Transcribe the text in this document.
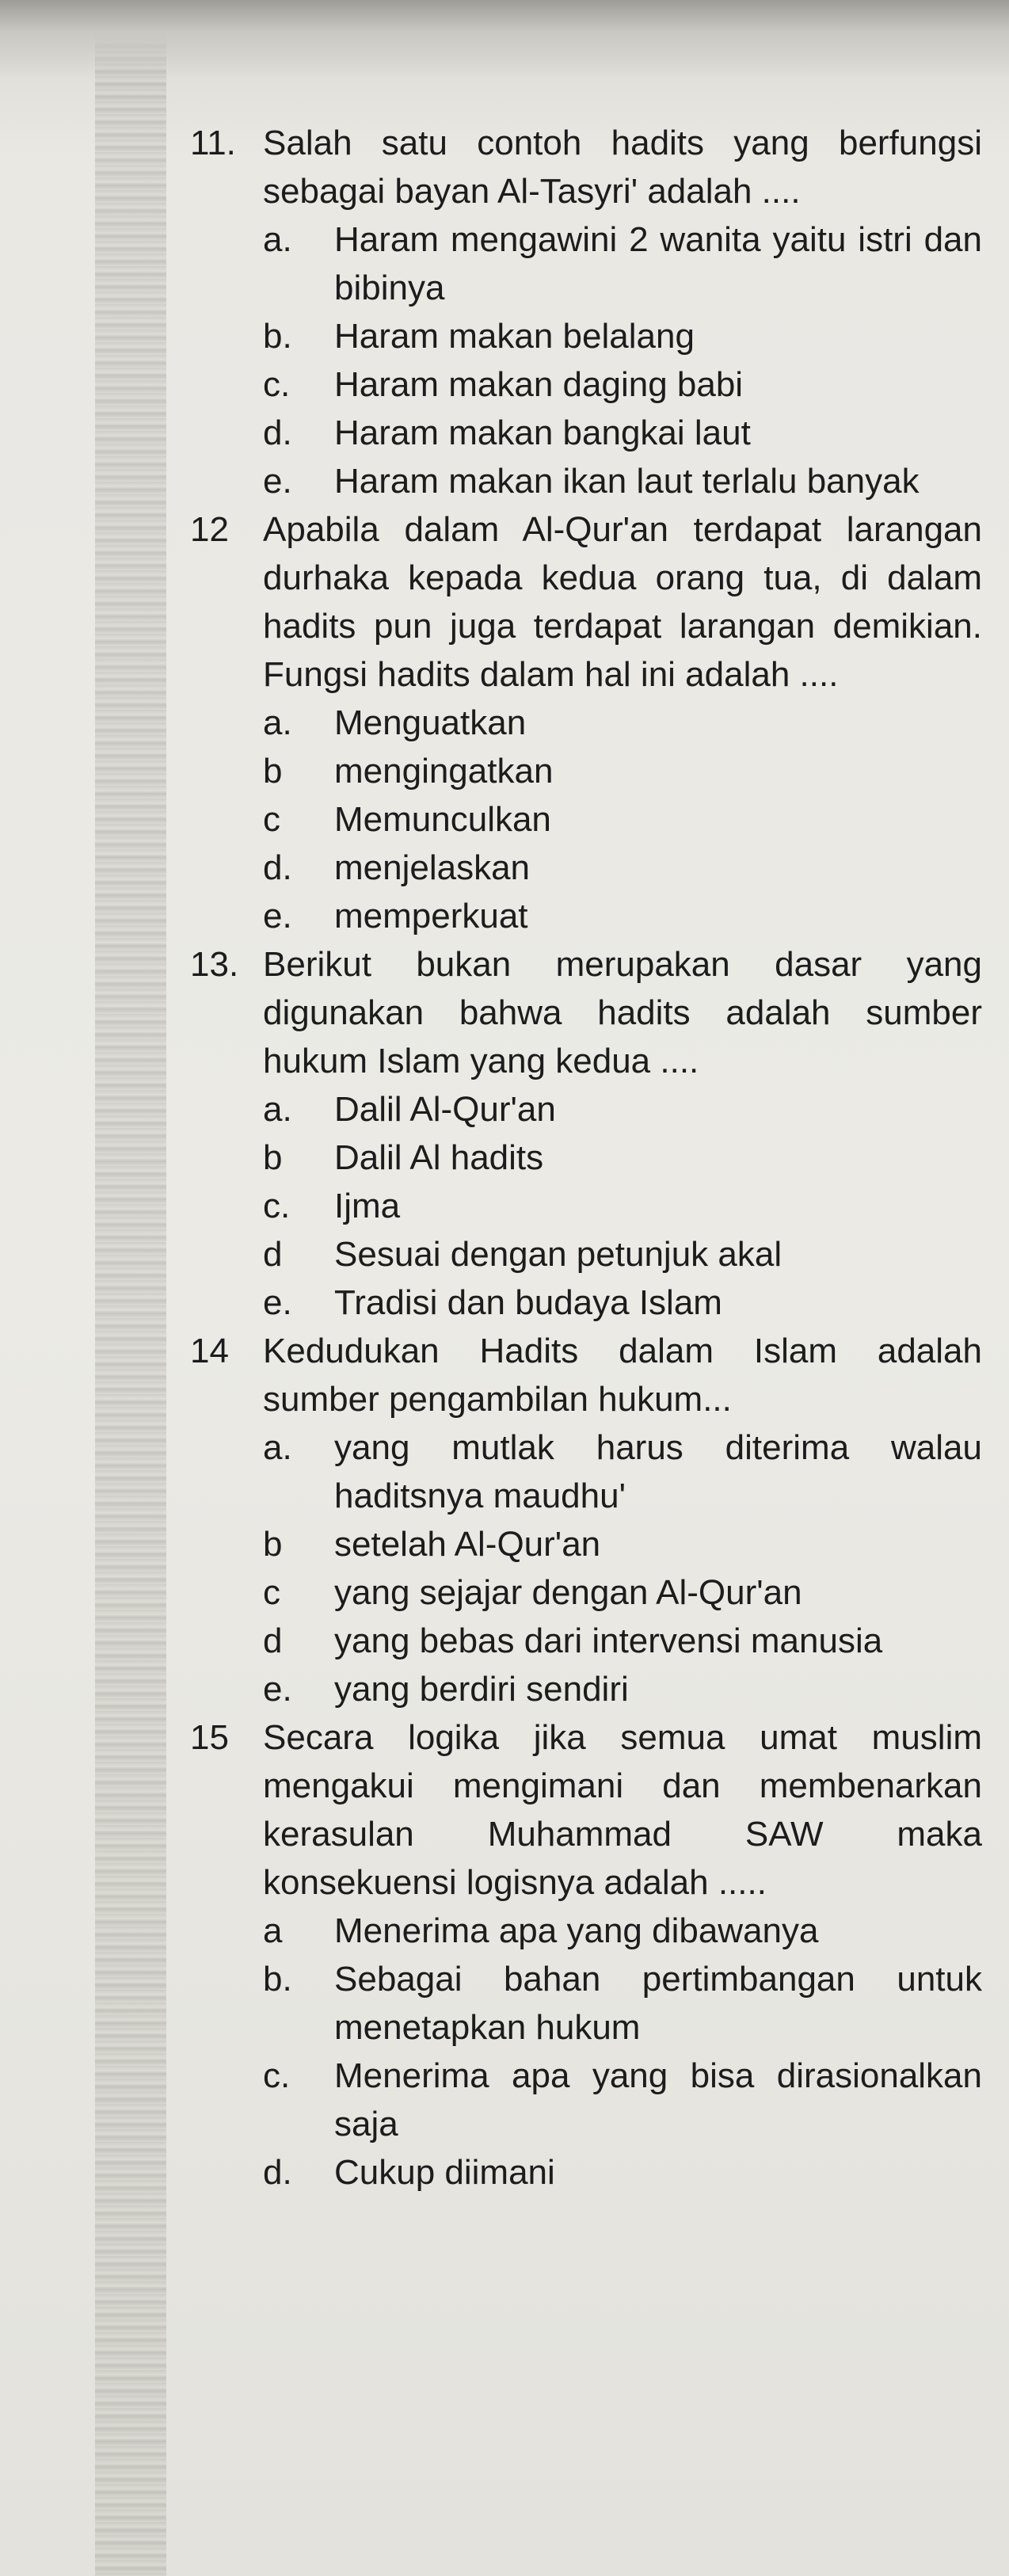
11. Salah satu contoh hadits yang berfungsi sebagai bayan Al-Tasyri' adalah ....
a. Haram mengawini 2 wanita yaitu istri dan bibinya
b. Haram makan belalang
c. Haram makan daging babi
d. Haram makan bangkai laut
e. Haram makan ikan laut terlalu banyak
12 Apabila dalam Al-Qur'an terdapat larangan durhaka kepada kedua orang tua, di dalam hadits pun juga terdapat larangan demikian. Fungsi hadits dalam hal ini adalah ....
a. Menguatkan
b mengingatkan
c Memunculkan
d. menjelaskan
e. memperkuat
13. Berikut bukan merupakan dasar yang digunakan bahwa hadits adalah sumber hukum Islam yang kedua ....
a. Dalil Al-Qur'an
b Dalil Al hadits
c. Ijma
d Sesuai dengan petunjuk akal
e. Tradisi dan budaya Islam
14 Kedudukan Hadits dalam Islam adalah sumber pengambilan hukum...
a. yang mutlak harus diterima walau haditsnya maudhu'
b setelah Al-Qur'an
c yang sejajar dengan Al-Qur'an
d yang bebas dari intervensi manusia
e. yang berdiri sendiri
15 Secara logika jika semua umat muslim mengakui mengimani dan membenarkan kerasulan Muhammad SAW maka konsekuensi logisnya adalah .....
a Menerima apa yang dibawanya
b. Sebagai bahan pertimbangan untuk menetapkan hukum
c. Menerima apa yang bisa dirasionalkan saja
d. Cukup diimani
